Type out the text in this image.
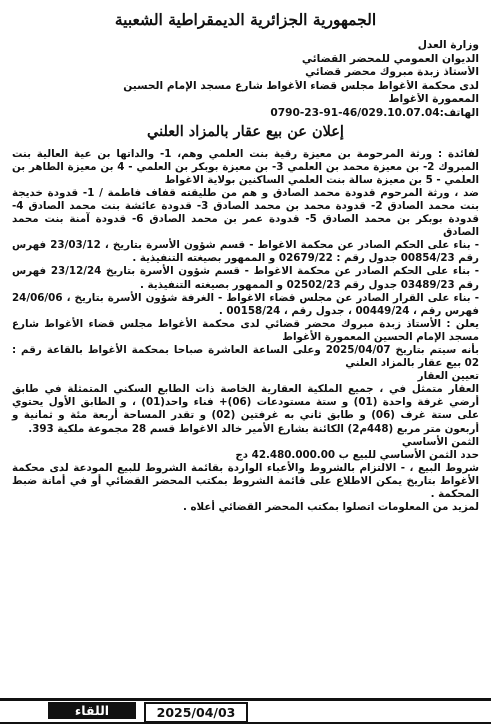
الجمهورية الجزائرية الديمقراطية الشعبية
وزارة العدل
الديوان العمومي للمحضر القضائي
الأستاذ زبدة مبروك محضر قضائي
لدى محكمة الأغواط مجلس قضاء الأغواط شارع مسجد الإمام الحسين
المعمورة الأغواط
الهاتف:0790-23-91-46/029.10.07.04
إعلان عن بيع عقار بالمزاد العلني

لفائدة : ورثة المرحومة بن معيزة رقية بنت العلمي وهم، 1- والداتها بن عية العالية بنت المبروك 2- بن معيزة محمد بن العلمي 3- بن معيزة بوبكر بن العلمي - 4 بن معيزة الطاهر بن العلمي - 5 بن معيزة سالة بنت العلمي الساكنين بولاية الاغواط

ضد ، ورثة المرحوم قدودة محمد الصادق و هم من طليقته قفاف فاطمة / 1- قدودة خديجة بنت محمد الصادق 2- قدودة محمد بن محمد الصادق 3- قدودة عائشة بنت محمد الصادق 4- قدودة بوبكر بن محمد الصادق 5- قدودة عمر بن محمد الصادق 6- قدودة آمنة بنت محمد الصادق

- بناء على الحكم الصادر عن محكمة الاغواط - قسم شؤون الأسرة بتاريخ ، 23/03/12 فهرس رقم 00854/23 جدول رقم : 02679/22 و الممهور بصيغته التنفيذية .

- بناء على الحكم الصادر عن محكمة الاغواط - قسم شؤون الأسرة بتاريخ 23/12/24 فهرس رقم 03489/23 جدول رقم 02502/23 و الممهور بصيغته التنفيذية .

- بناء على القرار الصادر عن مجلس قضاء الاغواط - الغرفة شؤون الأسرة بتاريخ ، 24/06/06 فهرس رقم ، 00449/24 ، جدول رقم ، 00158/24 .

يعلن : الأستاذ زبدة مبروك محضر قضائي لدى محكمة الأغواط مجلس قضاء الأغواط شارع مسجد الإمام الحسين المعمورة الأغواط

بأنه سيتم بتاريخ 2025/04/07 وعلى الساعة العاشرة صباحا بمحكمة الأغواط بالقاعة رقم : 02 بيع عقار بالمزاد العلني

تعيين العقار

العقار متمثل في ، جميع الملكية العقارية الخاصة ذات الطابع السكني المتمثلة في طابق أرضي غرفة واحدة (01) و ستة مستودعات (06)+ فناء واحد(01) ، و الطابق الأول يحتوي على ستة غرف (06) و طابق ثاني به غرفتين (02) و تقدر المساحة أربعة مئة و ثمانية و أربعون متر مربع (448م2) الكائنة بشارع الأمير خالد الاغواط قسم 28 مجموعة ملكية 393.

الثمن الأساسي

حدد الثمن الأساسي للبيع ب 42.480.000.00 دج

شروط البيع ، - الالتزام بالشروط والأعباء الواردة بقائمة الشروط للبيع المودعة لدى محكمة الأغواط بتاريخ يمكن الاطلاع على قائمة الشروط بمكتب المحضر القضائي أو في أمانة ضبط المحكمة .

لمزيد من المعلومات اتصلوا بمكتب المحضر القضائي أعلاه .

2025/04/03
اللقاء
